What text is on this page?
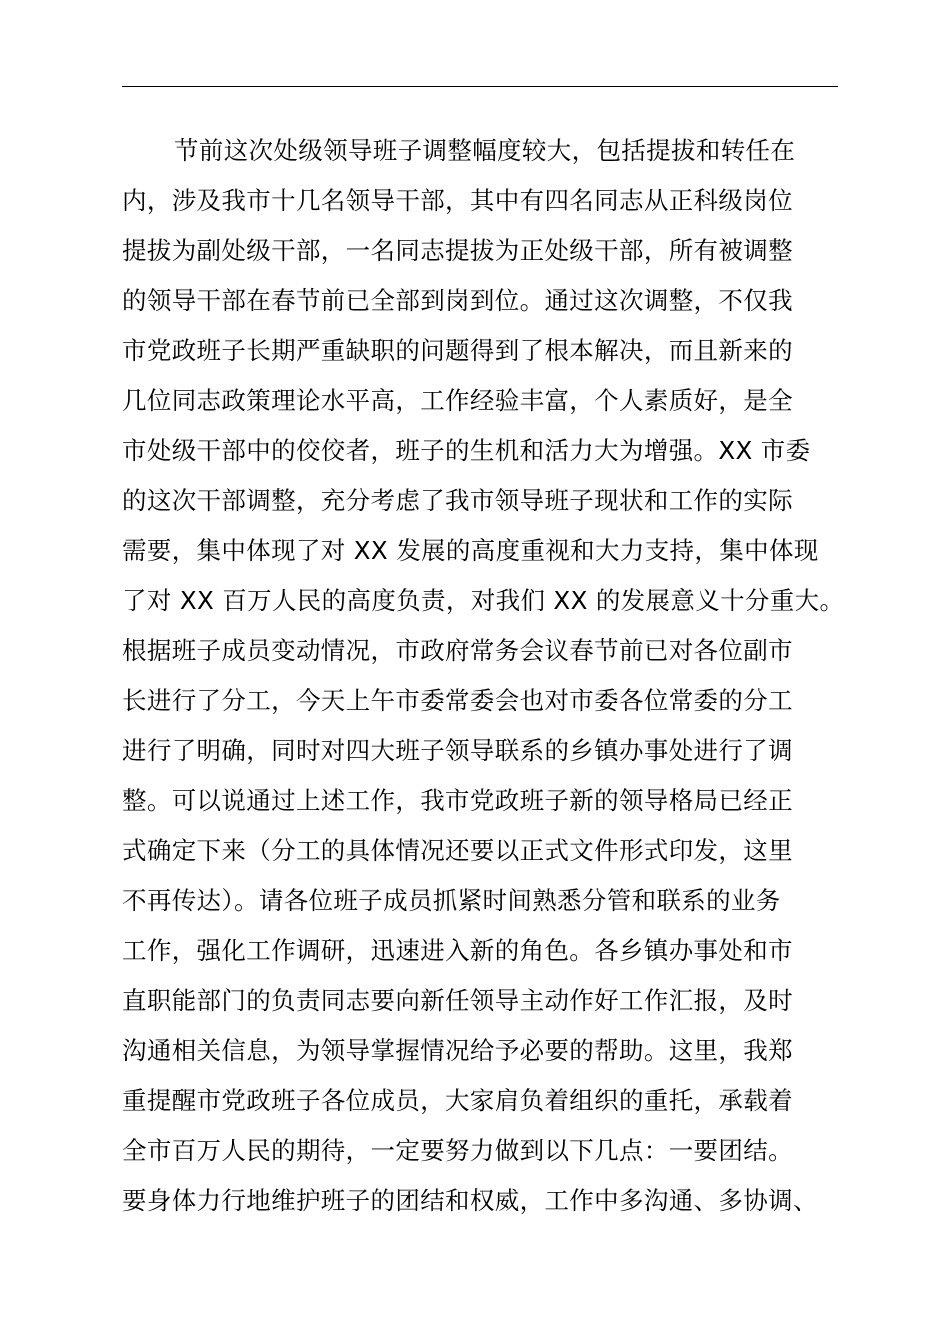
节前这次处级领导班子调整幅度较大，包括提拔和转任在
内，涉及我市十几名领导干部，其中有四名同志从正科级岗位
提拔为副处级干部，一名同志提拔为正处级干部，所有被调整
的领导干部在春节前已全部到岗到位。通过这次调整，不仅我
市党政班子长期严重缺职的问题得到了根本解决，而且新来的
几位同志政策理论水平高，工作经验丰富，个人素质好，是全
市处级干部中的佼佼者，班子的生机和活力大为增强。XX 市委
的这次干部调整，充分考虑了我市领导班子现状和工作的实际
需要，集中体现了对 XX 发展的高度重视和大力支持，集中体现
了对 XX 百万人民的高度负责，对我们 XX 的发展意义十分重大。
根据班子成员变动情况，市政府常务会议春节前已对各位副市
长进行了分工，今天上午市委常委会也对市委各位常委的分工
进行了明确，同时对四大班子领导联系的乡镇办事处进行了调
整。可以说通过上述工作，我市党政班子新的领导格局已经正
式确定下来（分工的具体情况还要以正式文件形式印发，这里
不再传达）。请各位班子成员抓紧时间熟悉分管和联系的业务
工作，强化工作调研，迅速进入新的角色。各乡镇办事处和市
直职能部门的负责同志要向新任领导主动作好工作汇报，及时
沟通相关信息，为领导掌握情况给予必要的帮助。这里，我郑
重提醒市党政班子各位成员，大家肩负着组织的重托，承载着
全市百万人民的期待，一定要努力做到以下几点：一要团结。
要身体力行地维护班子的团结和权威，工作中多沟通、多协调、
